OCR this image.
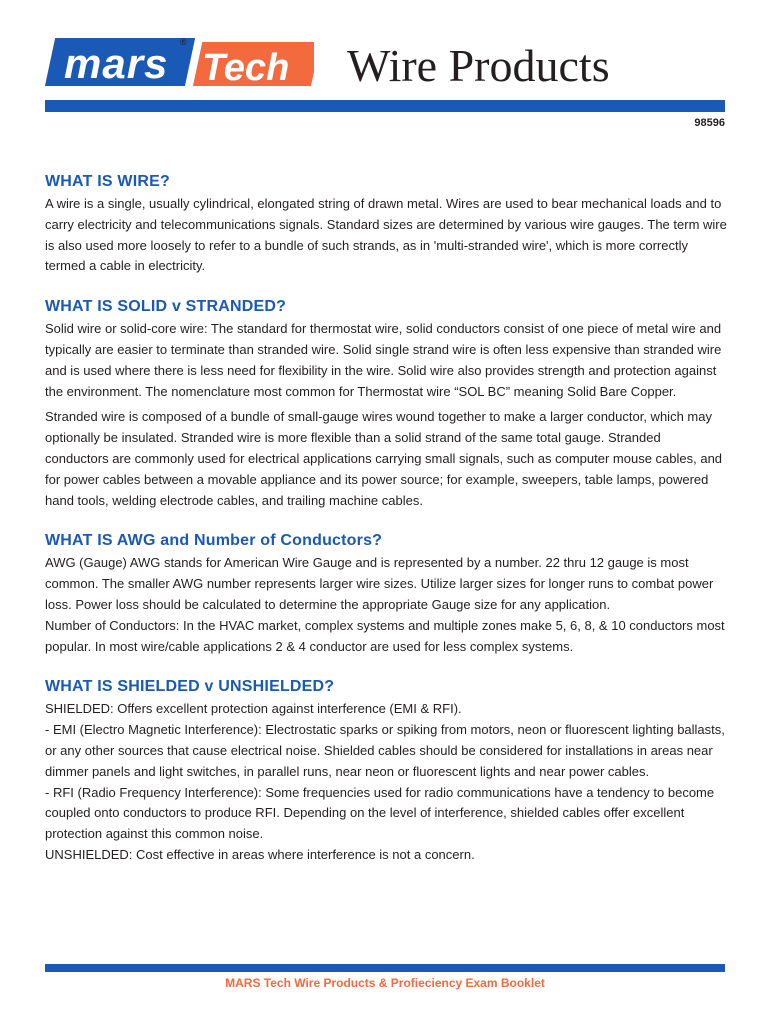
mars Tech
®	Wire Products
98596
WHAT IS WIRE?

A wire is a single, usually cylindrical, elongated string of drawn metal. Wires are used to bear mechanical loads and to carry electricity and telecommunications signals. Standard sizes are determined by various wire gauges. The term wire is also used more loosely to refer to a bundle of such strands, as in 'multi-stranded wire', which is more correctly termed a cable in electricity.

WHAT IS SOLID v STRANDED?

Solid wire or solid-core wire: The standard for thermostat wire, solid conductors consist of one piece of metal wire and typically are easier to terminate than stranded wire. Solid single strand wire is often less expensive than stranded wire and is used where there is less need for flexibility in the wire. Solid wire also provides strength and protection against the environment. The nomenclature most common for Thermostat wire “SOL BC” meaning Solid Bare Copper.

Stranded wire is composed of a bundle of small-gauge wires wound together to make a larger conductor, which may optionally be insulated. Stranded wire is more flexible than a solid strand of the same total gauge. Stranded conductors are commonly used for electrical applications carrying small signals, such as computer mouse cables, and for power cables between a movable appliance and its power source; for example, sweepers, table lamps, powered hand tools, welding electrode cables, and trailing machine cables.

WHAT IS AWG and Number of Conductors?

AWG (Gauge) AWG stands for American Wire Gauge and is represented by a number. 22 thru 12 gauge is most common. The smaller AWG number represents larger wire sizes. Utilize larger sizes for longer runs to combat power loss. Power loss should be calculated to determine the appropriate Gauge size for any application.

Number of Conductors: In the HVAC market, complex systems and multiple zones make 5, 6, 8, & 10 conductors most popular. In most wire/cable applications 2 & 4 conductor are used for less complex systems.

WHAT IS SHIELDED v UNSHIELDED?

SHIELDED: Offers excellent protection against interference (EMI & RFI).

- EMI (Electro Magnetic Interference): Electrostatic sparks or spiking from motors, neon or fluorescent lighting ballasts, or any other sources that cause electrical noise. Shielded cables should be considered for installations in areas near dimmer panels and light switches, in parallel runs, near neon or fluorescent lights and near power cables.

- RFI (Radio Frequency Interference): Some frequencies used for radio communications have a tendency to become coupled onto conductors to produce RFI. Depending on the level of interference, shielded cables offer excellent protection against this common noise.

UNSHIELDED: Cost effective in areas where interference is not a concern.

MARS Tech Wire Products & Profieciency Exam Booklet
